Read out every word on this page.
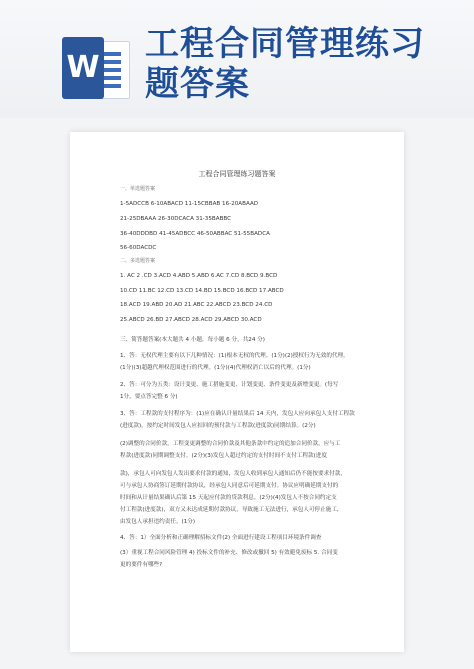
W
工程合同管理练习
题答案
工程合同管理练习题答案
一、单选题答案
1-5ADCCB 6-10ABACD 11-15CBBAB 16-20ABAAD
21-25DBAAA 26-30DCACA 31-35BABBC
36-40DDDBD 41-45ADBCC 46-50ABBAC 51-55BADCA
56-60DACDC
二、多选题答案
1. AC 2 .CD 3.ACD 4.ABD 5.ABD 6.AC 7.CD 8.BCD 9.BCD
10.CD 11.BC 12.CD 13.CD 14.BD 15.BCD 16.BCD 17.ABCD
18.ACD 19.ABD 20.AD 21.ABC 22.ABCD 23.BCD 24.CD
25.ABCD 26.BD 27.ABCD 28.ACD 29.ABCD 30.ACD
三、简答题答案(本大题共 4 小题，每小题 6 分，共24 分)
1、答：无权代理主要有以下几种情况：(1)根本无权的代理。(1分)(2)授权行为无效的代理。
(1分)(3)超越代理权范围进行的代理。(1分)(4)代理权消亡以后的代理。(1分)
2、答：可分为五类：设计变更、施工措施变更、计划变更、条件变更及新增变更。(每写
1分，要点答完整 6 分)
3、答：工程款的支付程序为：(1)应在确认计量结果后 14 天内，发包人应向承包人支付工程款
(进度款)，按约定时间发包人应扣回的预付款与工程款(进度款)同期结算。(2分)
(2)调整的合同价款，工程变更调整的合同价款及其他条款中约定的追加合同价款，应与工
程款(进度款)同期调整支付。(2分)(3)发包人超过约定的支付时间不支付工程款(进度
款)，承包人可向发包人发出要求付款的通知，发包人收到承包人通知后仍不能按要求付款，
可与承包人协商签订延期付款协议，经承包人同意后可延期支付。协议应明确延期支付的
时间和从计量结果确认后第 15 天起应付款的贷款利息。(2分)(4)发包人不按合同约定支
付工程款(进度款)，双方又未达成延期付款协议，导致施工无法进行，承包人可停止施工，
由发包人承担违约责任。(1分)
4、答：1）全面分析和正确理解招标文件(2) 全面进行建设工程项目环境条件调查
(3）重视工程合同风险管理 4) 投标文件的补充、修改或撤回 5) 有效避免废标 5. 合同变
更的要件有哪些?
